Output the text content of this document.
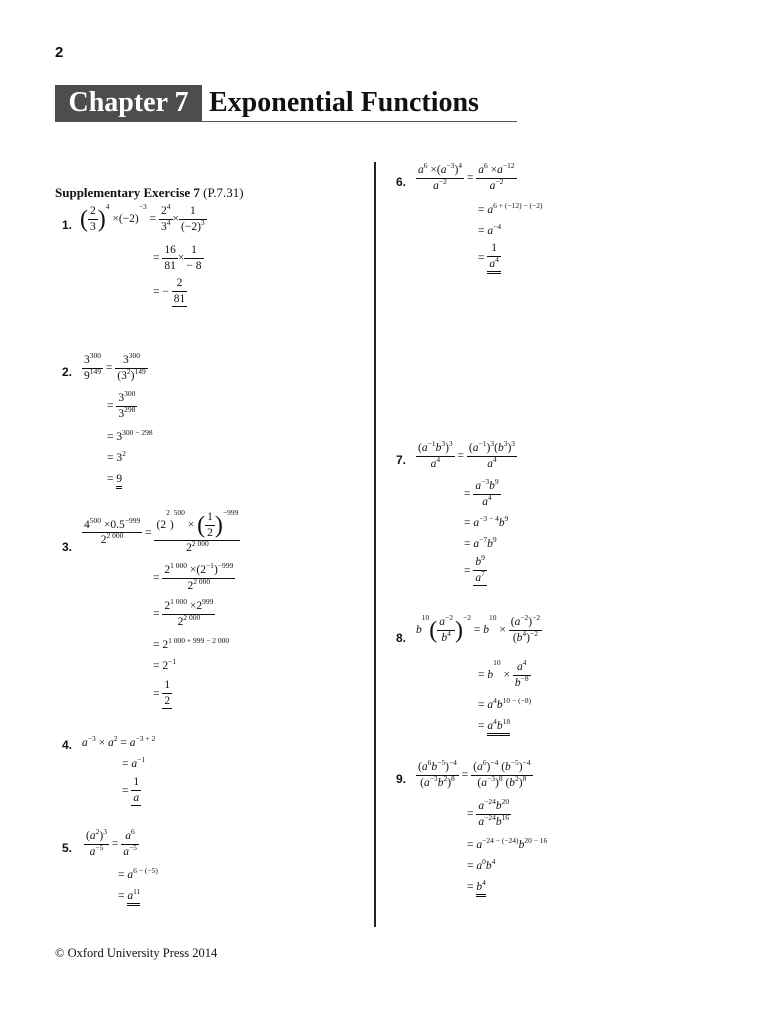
2
Chapter 7 Exponential Functions
Supplementary Exercise 7 (P.7.31)
1. ( $\frac{2}{3} )^4 \times(-2)^{-3} = \frac{2^4}{3^4} \times \frac{1}{(-2)^3}$
= $\frac{16}{81} \times \frac{1}{- 8}$
= − $\frac{2}{81}$
2. $\frac{3^{300}}{9^{149}} = \frac{3^{300}}{(3^2)^{149}}$
= $\frac{3^{300}}{3^{298}}$
= $3^{300 - 298}$
= $3^2$
= 9
3.
$\frac{4^{500} \times 0.5^{-999}}{2^{2 000}} = \frac{(2^2)^{500} \times ( \frac{1}{2} )^{-999}}{2^{2 000}}$
= $\frac{2^{1 000} \times(2^{-1})^{-999}}{2^{2 000}}$
= $\frac{2^{1 000} \times 2^{999}}{2^{2 000}}$
= $2^{1 000 + 999 - 2 000}$
= $2^{-1}$
= $\frac{1}{2}$
4. $a^{-3} \times a^2 = a^{-3 + 2}$
= $a^{-1}$
= $\frac{1}{a}$
5. $\frac{(a^2)^3}{a^{-5}} = \frac{a^6}{a^{-5}}$
= $a^{6 - (-5)}$
= $a^{11}$
6. $\frac{a^6 \times(a^{-3})^4}{a^{-2}} = \frac{a^6 \times a^{-12}}{a^{-2}}$
= $a^{6 + (-12) - (-2)}$
= $a^{-4}$
= $\frac{1}{a^4}$
7. $\frac{(a^{-1}b^3)^3}{a^4} = \frac{(a^{-1})^3(b^3)^3}{a^4}$
= $\frac{a^{-3}b^9}{a^4}$
= $a^{-3 - 4}b^9$
= $a^{-7}b^9$
= $\frac{b^9}{a^7}$
8.
$b^{10}( \frac{a^{-2}}{b^4} )^{-2} = b^{10} \times \frac{(a^{-2})^{-2}}{(b^4)^{-2}}$
= $b^{10} \times \frac{a^4}{b^{-8}}$
= $a^4b^{10 - (-8)}$
= $a^4b^{18}$
9. $\frac{(a^6b^{-5})^{-4}}{(a^{-3}b^2)^8} = \frac{(a^6)^{-4} (b^{-5})^{-4}}{(a^{-3})^8 (b^2)^8}$
= $\frac{a^{-24}b^{20}}{a^{-24}b^{16}}$
= $a^{-24 - (-24)}b^{20 - 16}$
= $a^0b^4$
= $b^4$
© Oxford University Press 2014
